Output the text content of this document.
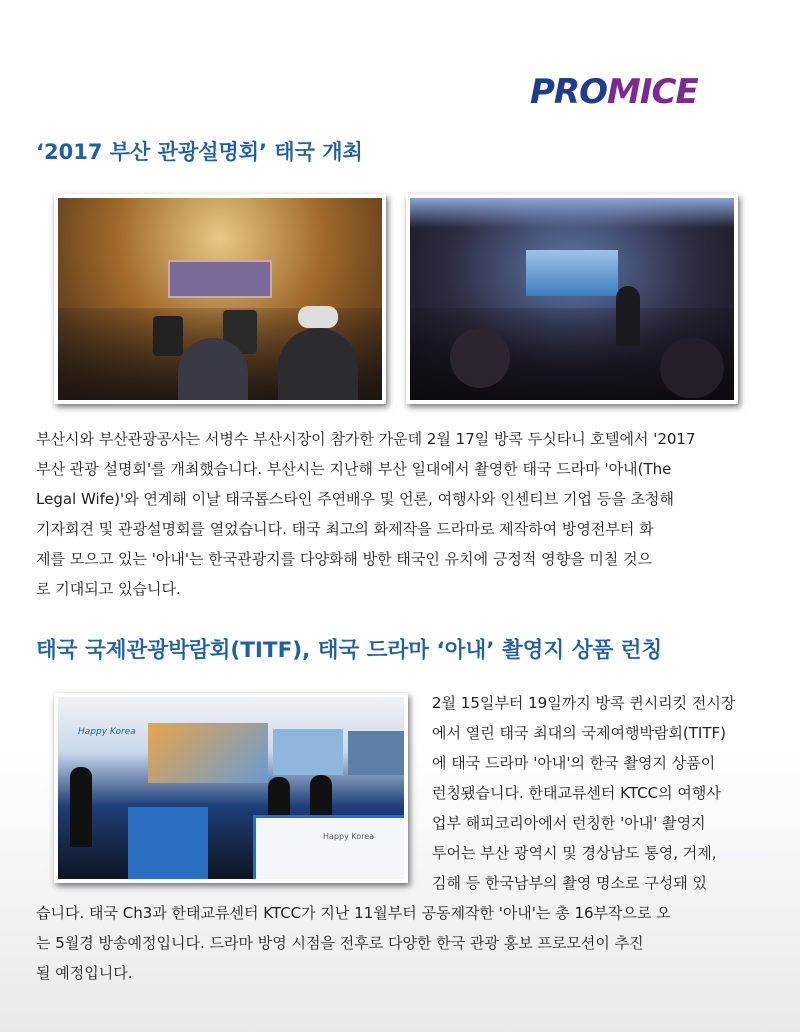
PROMICE
‘2017 부산 관광설명회’ 태국 개최

부산시와 부산관광공사는 서병수 부산시장이 참가한 가운데 2월 17일 방콕 두싯타니 호텔에서 '2017
부산 관광 설명회'를 개최했습니다. 부산시는 지난해 부산 일대에서 촬영한 태국 드라마 '아내(The
Legal Wife)'와 연계해 이날 태국톱스타인 주연배우 및 언론, 여행사와 인센티브 기업 등을 초청해
기자회견 및 관광설명회를 열었습니다. 태국 최고의 화제작을 드라마로 제작하여 방영전부터 화
제를 모으고 있는 '아내'는 한국관광지를 다양화해 방한 태국인 유치에 긍정적 영향을 미칠 것으
로 기대되고 있습니다.

태국 국제관광박람회(TITF), 태국 드라마 ‘아내’ 촬영지 상품 런칭
Happy Korea
Happy Korea

2월 15일부터 19일까지 방콕 퀸시리킷 전시장
에서 열린 태국 최대의 국제여행박람회(TITF)
에 태국 드라마 '아내'의 한국 촬영지 상품이
런칭됐습니다. 한태교류센터 KTCC의 여행사
업부 해피코리아에서 런칭한 '아내' 촬영지
투어는 부산 광역시 및 경상남도 통영, 거제,
김해 등 한국남부의 촬영 명소로 구성돼 있

습니다. 태국 Ch3과 한태교류센터 KTCC가 지난 11월부터 공동제작한 '아내'는 총 16부작으로 오
는 5월경 방송예정입니다. 드라마 방영 시점을 전후로 다양한 한국 관광 홍보 프로모션이 추진
될 예정입니다.
